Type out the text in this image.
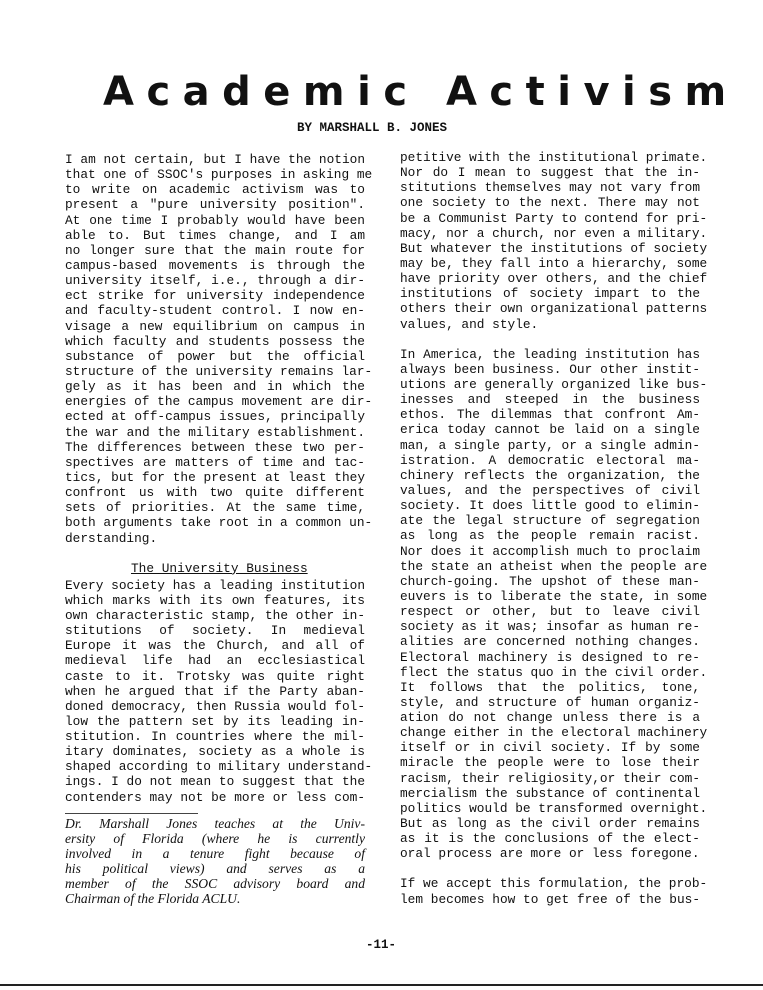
Academic Activism
BY MARSHALL B. JONES

I am not certain, but I have the notion
that one of SSOC's purposes in asking me
to write on academic activism was to
present a "pure university position".
At one time I probably would have been
able to. But times change, and I am
no longer sure that the main route for
campus-based movements is through the
university itself, i.e., through a dir-
ect strike for university independence
and faculty-student control. I now en-
visage a new equilibrium on campus in
which faculty and students possess the
substance of power but the official
structure of the university remains lar-
gely as it has been and in which the
energies of the campus movement are dir-
ected at off-campus issues, principally
the war and the military establishment.
The differences between these two per-
spectives are matters of time and tac-
tics, but for the present at least they
confront us with two quite different
sets of priorities. At the same time,
both arguments take root in a common un-
derstanding.

The University Business

Every society has a leading institution
which marks with its own features, its
own characteristic stamp, the other in-
stitutions of society. In medieval
Europe it was the Church, and all of
medieval life had an ecclesiastical
caste to it. Trotsky was quite right
when he argued that if the Party aban-
doned democracy, then Russia would fol-
low the pattern set by its leading in-
stitution. In countries where the mil-
itary dominates, society as a whole is
shaped according to military understand-
ings. I do not mean to suggest that the
contenders may not be more or less com-

Dr. Marshall Jones teaches at the Univ-
ersity of Florida (where he is currently
involved in a tenure fight because of
his political views) and serves as a
member of the SSOC advisory board and
Chairman of the Florida ACLU.

petitive with the institutional primate.
Nor do I mean to suggest that the in-
stitutions themselves may not vary from
one society to the next. There may not
be a Communist Party to contend for pri-
macy, nor a church, nor even a military.
But whatever the institutions of society
may be, they fall into a hierarchy, some
have priority over others, and the chief
institutions of society impart to the
others their own organizational patterns
values, and style.

In America, the leading institution has
always been business. Our other instit-
utions are generally organized like bus-
inesses and steeped in the business
ethos. The dilemmas that confront Am-
erica today cannot be laid on a single
man, a single party, or a single admin-
istration. A democratic electoral ma-
chinery reflects the organization, the
values, and the perspectives of civil
society. It does little good to elimin-
ate the legal structure of segregation
as long as the people remain racist.
Nor does it accomplish much to proclaim
the state an atheist when the people are
church-going. The upshot of these man-
euvers is to liberate the state, in some
respect or other, but to leave civil
society as it was; insofar as human re-
alities are concerned nothing changes.
Electoral machinery is designed to re-
flect the status quo in the civil order.
It follows that the politics, tone,
style, and structure of human organiz-
ation do not change unless there is a
change either in the electoral machinery
itself or in civil society. If by some
miracle the people were to lose their
racism, their religiosity,or their com-
mercialism the substance of continental
politics would be transformed overnight.
But as long as the civil order remains
as it is the conclusions of the elect-
oral process are more or less foregone.

If we accept this formulation, the prob-
lem becomes how to get free of the bus-

-11-
